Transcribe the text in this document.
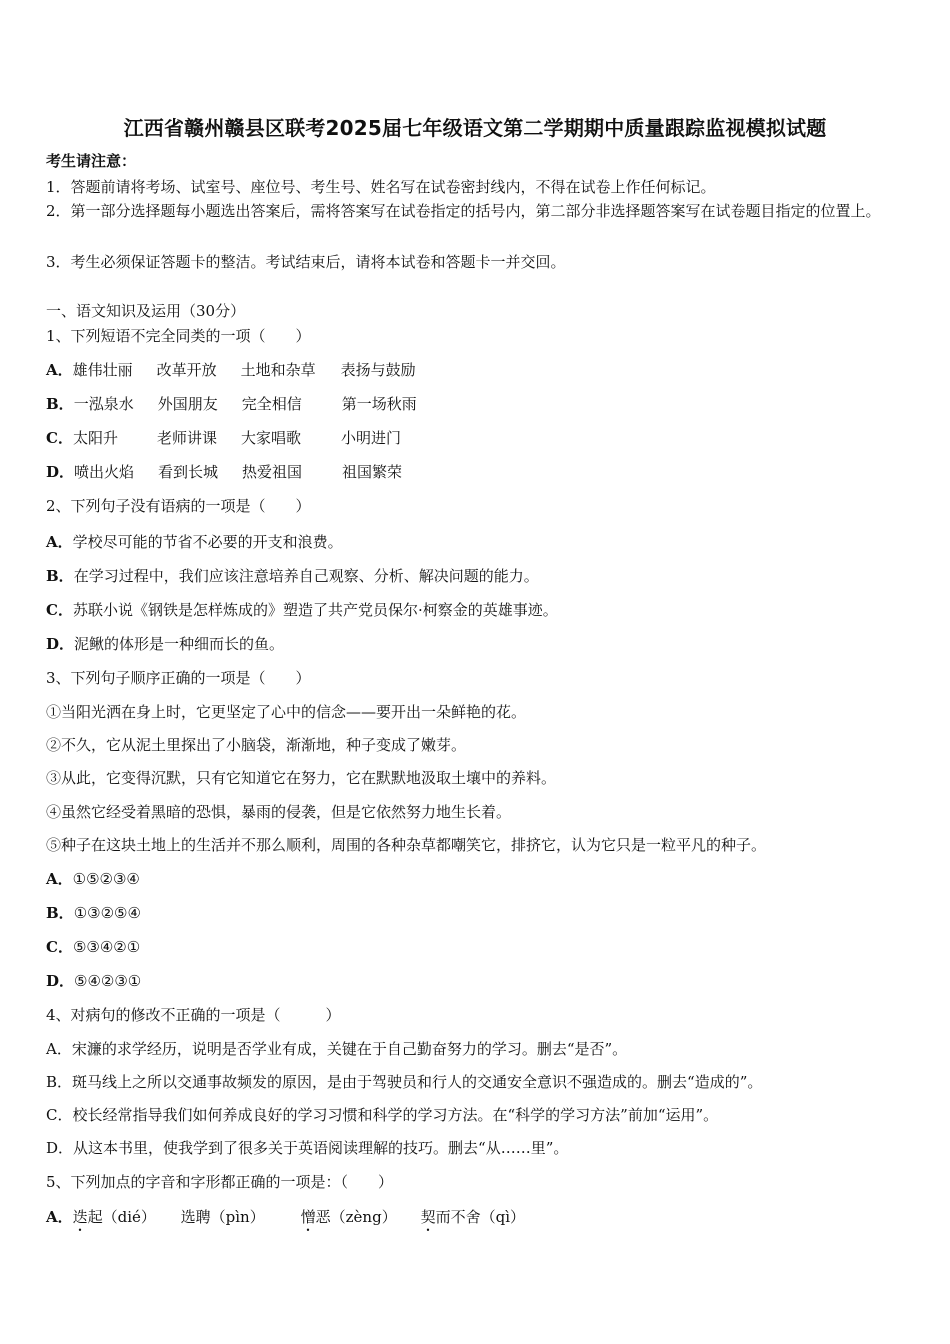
江西省赣州赣县区联考2025届七年级语文第二学期期中质量跟踪监视模拟试题
考生请注意：
1．答题前请将考场、试室号、座位号、考生号、姓名写在试卷密封线内，不得在试卷上作任何标记。
2．第一部分选择题每小题选出答案后，需将答案写在试卷指定的括号内，第二部分非选择题答案写在试卷题目指定的位置上。
3．考生必须保证答题卡的整洁。考试结束后，请将本试卷和答题卡一并交回。
一、语文知识及运用（30分）
1、下列短语不完全同类的一项（　　）
A．雄伟壮丽 改革开放 土地和杂草 表扬与鼓励
B．一泓泉水 外国朋友 完全相信	第一场秋雨
C．太阳升	老师讲课 大家唱歌	小明进门
D．喷出火焰 看到长城 热爱祖国	祖国繁荣
2、下列句子没有语病的一项是（　　）
A．学校尽可能的节省不必要的开支和浪费。
B．在学习过程中，我们应该注意培养自己观察、分析、解决问题的能力。
C．苏联小说《钢铁是怎样炼成的》塑造了共产党员保尔·柯察金的英雄事迹。
D．泥鳅的体形是一种细而长的鱼。
3、下列句子顺序正确的一项是（　　）
①当阳光洒在身上时，它更坚定了心中的信念——要开出一朵鲜艳的花。
②不久，它从泥土里探出了小脑袋，渐渐地，种子变成了嫩芽。
③从此，它变得沉默，只有它知道它在努力，它在默默地汲取土壤中的养料。
④虽然它经受着黑暗的恐惧，暴雨的侵袭，但是它依然努力地生长着。
⑤种子在这块土地上的生活并不那么顺利，周围的各种杂草都嘲笑它，排挤它，认为它只是一粒平凡的种子。
A．①⑤②③④
B．①③②⑤④
C．⑤③④②①
D．⑤④②③①
4、对病句的修改不正确的一项是（　　　）
A．宋濂的求学经历，说明是否学业有成，关键在于自己勤奋努力的学习。删去“是否”。
B．斑马线上之所以交通事故频发的原因，是由于驾驶员和行人的交通安全意识不强造成的。删去“造成的”。
C．校长经常指导我们如何养成良好的学习习惯和科学的学习方法。在“科学的学习方法”前加“运用”。
D．从这本书里，使我学到了很多关于英语阅读理解的技巧。删去“从……里”。
5、下列加点的字音和字形都正确的一项是：（　　）
A．迭起（dié） 选聘（pìn） 憎恶（zèng） 契而不舍（qì）
